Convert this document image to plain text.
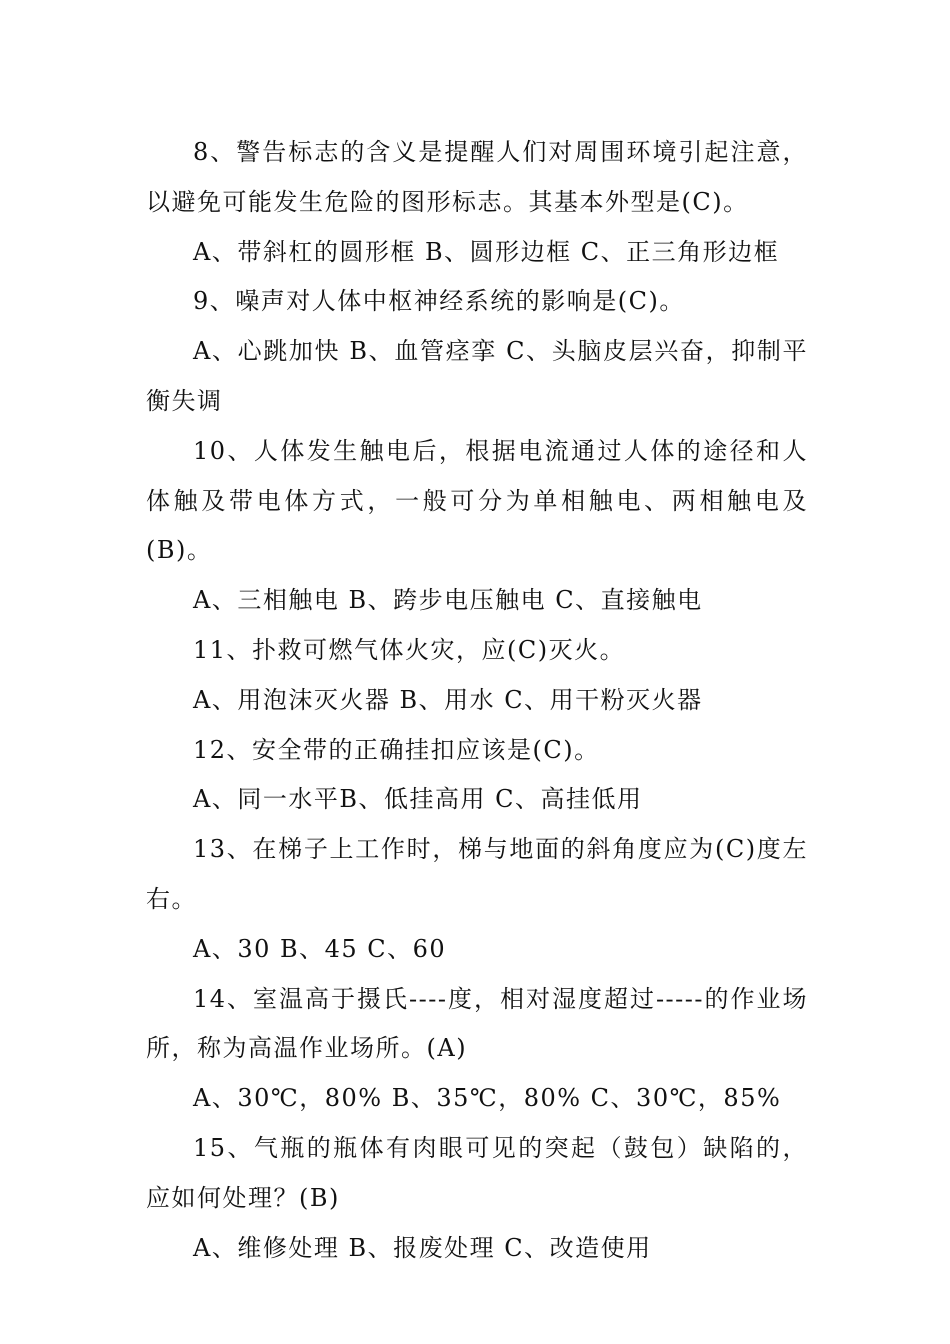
8、警告标志的含义是提醒人们对周围环境引起注意，以避免可能发生危险的图形标志。其基本外型是(C)。

A、带斜杠的圆形框 B、圆形边框 C、正三角形边框

9、噪声对人体中枢神经系统的影响是(C)。

A、心跳加快 B、血管痉挛 C、头脑皮层兴奋，抑制平衡失调

10、人体发生触电后，根据电流通过人体的途径和人体触及带电体方式，一般可分为单相触电、两相触电及(B)。

A、三相触电 B、跨步电压触电 C、直接触电

11、扑救可燃气体火灾，应(C)灭火。

A、用泡沫灭火器 B、用水 C、用干粉灭火器

12、安全带的正确挂扣应该是(C)。

A、同一水平B、低挂高用 C、高挂低用

13、在梯子上工作时，梯与地面的斜角度应为(C)度左右。

A、30 B、45 C、60

14、室温高于摄氏----度，相对湿度超过-----的作业场所，称为高温作业场所。(A)

A、30℃，80% B、35℃，80% C、30℃，85%

15、气瓶的瓶体有肉眼可见的突起（鼓包）缺陷的，应如何处理？(B)

A、维修处理 B、报废处理 C、改造使用
